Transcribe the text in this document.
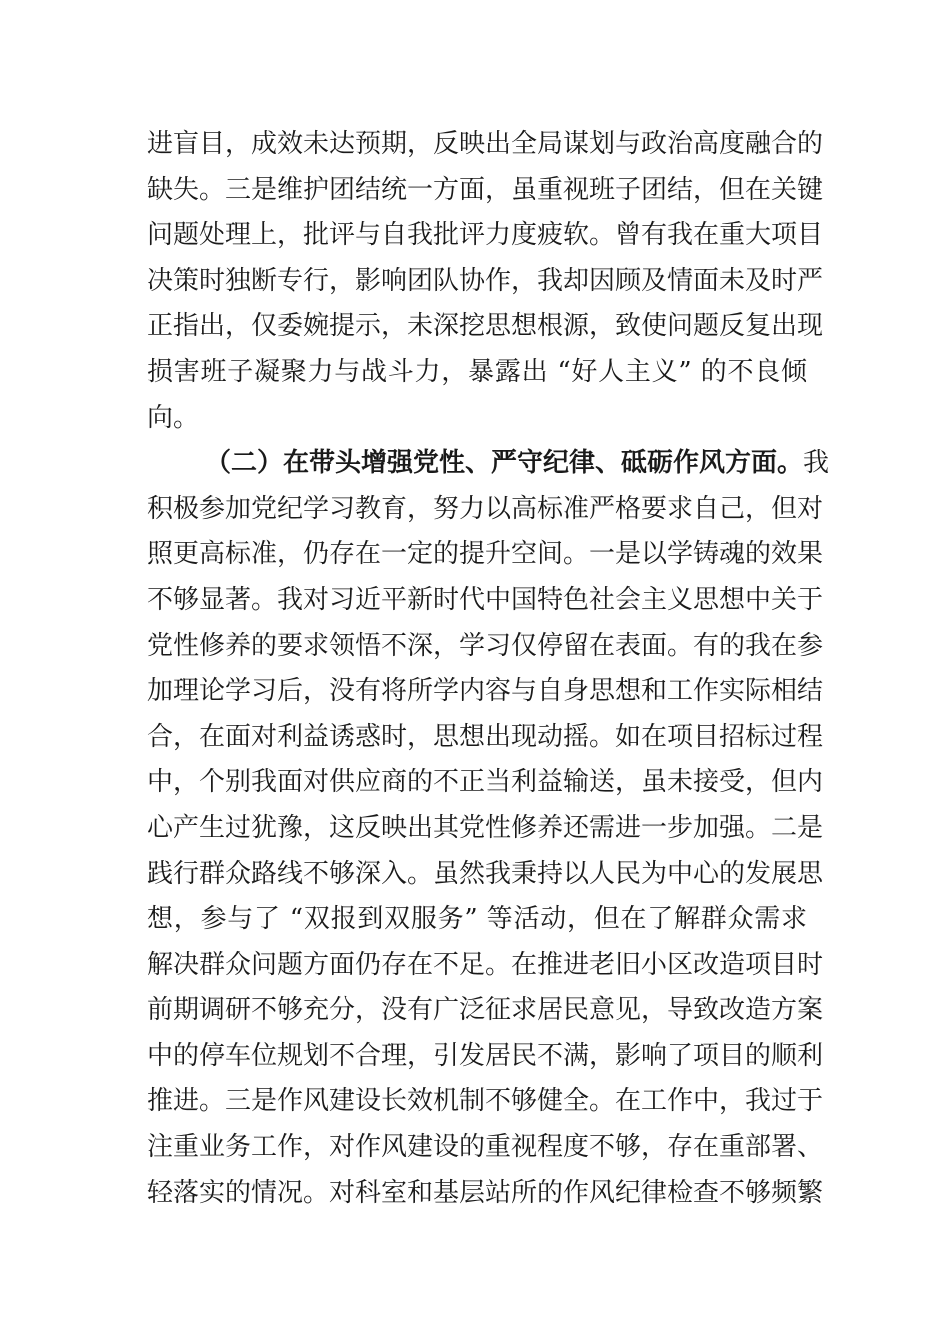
进盲目，成效未达预期，反映出全局谋划与政治高度融合的
缺失。三是维护团结统一方面，虽重视班子团结，但在关键
问题处理上，批评与自我批评力度疲软。曾有我在重大项目
决策时独断专行，影响团队协作，我却因顾及情面未及时严
正指出，仅委婉提示，未深挖思想根源，致使问题反复出现
损害班子凝聚力与战斗力，暴露出 “好人主义” 的不良倾
向。
（二）在带头增强党性、严守纪律、砥砺作风方面。我
积极参加党纪学习教育，努力以高标准严格要求自己，但对
照更高标准，仍存在一定的提升空间。一是以学铸魂的效果
不够显著。我对习近平新时代中国特色社会主义思想中关于
党性修养的要求领悟不深，学习仅停留在表面。有的我在参
加理论学习后，没有将所学内容与自身思想和工作实际相结
合，在面对利益诱惑时，思想出现动摇。如在项目招标过程
中，个别我面对供应商的不正当利益输送，虽未接受，但内
心产生过犹豫，这反映出其党性修养还需进一步加强。二是
践行群众路线不够深入。虽然我秉持以人民为中心的发展思
想，参与了 “双报到双服务” 等活动，但在了解群众需求
解决群众问题方面仍存在不足。在推进老旧小区改造项目时
前期调研不够充分，没有广泛征求居民意见，导致改造方案
中的停车位规划不合理，引发居民不满，影响了项目的顺利
推进。三是作风建设长效机制不够健全。在工作中，我过于
注重业务工作，对作风建设的重视程度不够，存在重部署、
轻落实的情况。对科室和基层站所的作风纪律检查不够频繁
